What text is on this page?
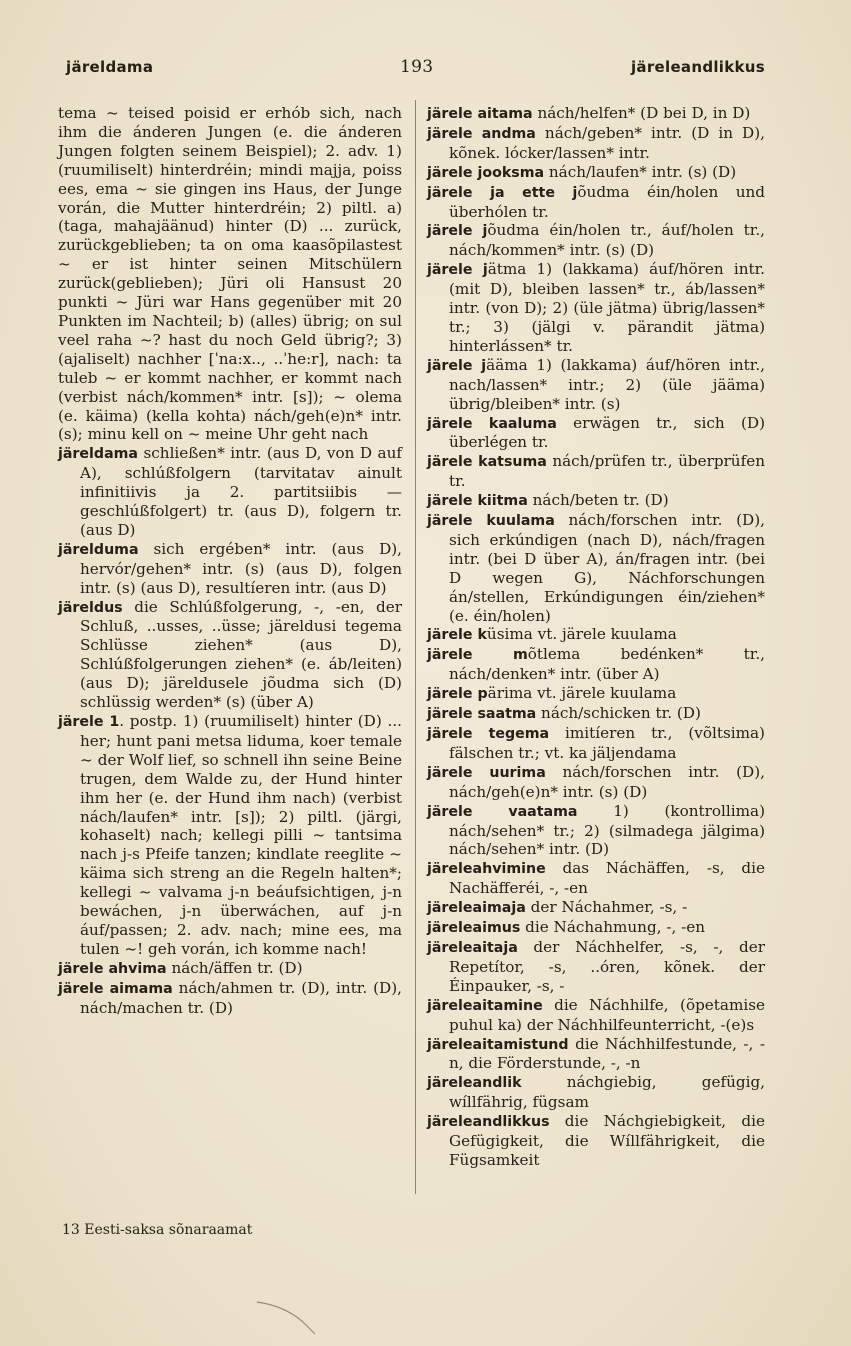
järeldama	193	järeleandlikkus

tema ~ teised poisid er erhób sich, nach ihm die ánderen Jungen (e. die ánderen Jungen folgten seinem Beispiel); 2. adv. 1) (ruumiliselt) hinterdréin; mindi majja, poiss ees, ema ~ sie gingen ins Haus, der Junge vorán, die Mutter hinterdréin; 2) piltl. a) (taga, mahajäänud) hinter (D) ... zurück, zurückgeblieben; ta on oma kaasõpilastest ~ er ist hinter seinen Mitschülern zurück(geblieben); Jüri oli Hansust 20 punkti ~ Jüri war Hans gegenüber mit 20 Punkten im Nachteil; b) (alles) übrig; on sul veel raha ~? hast du noch Geld übrig?; 3) (ajaliselt) nachher [ˈna:x.., ..ˈhe:r], nach: ta tuleb ~ er kommt nachher, er kommt nach (verbist nách/kommen* intr. [s]); ~ olema (e. käima) (kella kohta) nách/geh(e)n* intr. (s); minu kell on ~ meine Uhr geht nach

järeldama schließen* intr. (aus D, von D auf A), schlúßfolgern (tarvitatav ainult infinitiivis ja 2. partitsiibis — geschlúßfolgert) tr. (aus D), folgern tr. (aus D)

järelduma sich ergében* intr. (aus D), hervór/gehen* intr. (s) (aus D), folgen intr. (s) (aus D), resultíeren intr. (aus D)

järeldus die Schlúßfolgerung, -, -en, der Schluß, ..usses, ..üsse; järeldusi tegema Schlüsse ziehen* (aus D), Schlúßfolgerungen ziehen* (e. áb/leiten) (aus D); järeldusele jõudma sich (D) schlüssig werden* (s) (über A)

järele 1. postp. 1) (ruumiliselt) hinter (D) ... her; hunt pani metsa liduma, koer temale ~ der Wolf lief, so schnell ihn seine Beine trugen, dem Walde zu, der Hund hinter ihm her (e. der Hund ihm nach) (verbist nách/laufen* intr. [s]); 2) piltl. (järgi, kohaselt) nach; kellegi pilli ~ tantsima nach j-s Pfeife tanzen; kindlate reeglite ~ käima sich streng an die Regeln halten*; kellegi ~ valvama j-n beáufsichtigen, j-n bewáchen, j-n überwáchen, auf j-n áuf/passen; 2. adv. nach; mine ees, ma tulen ~! geh vorán, ich komme nach!

järele ahvima nách/äffen tr. (D)

järele aimama nách/ahmen tr. (D), intr. (D), nách/machen tr. (D)

järele aitama nách/helfen* (D bei D, in D)

järele andma nách/geben* intr. (D in D), kõnek. lócker/lassen* intr.

järele jooksma nách/laufen* intr. (s) (D)

järele ja ette jõudma éin/holen und überhólen tr.

järele jõudma éin/holen tr., áuf/holen tr., nách/kommen* intr. (s) (D)

järele jätma 1) (lakkama) áuf/hören intr. (mit D), bleiben lassen* tr., áb/lassen* intr. (von D); 2) (üle jätma) übrig/lassen* tr.; 3) (jälgi v. pärandit jätma) hinterlássen* tr.

järele jääma 1) (lakkama) áuf/hören intr., nach/lassen* intr.; 2) (üle jääma) übrig/bleiben* intr. (s)

järele kaaluma erwägen tr., sich (D) überlégen tr.

järele katsuma nách/prüfen tr., überprüfen tr.

järele kiitma nách/beten tr. (D)

järele kuulama nách/forschen intr. (D), sich erkúndigen (nach D), nách/fragen intr. (bei D über A), án/fragen intr. (bei D wegen G), Náchforschungen án/stellen, Erkúndigungen éin/ziehen* (e. éin/holen)

järele küsima vt. järele kuulama

järele mõtlema bedénken* tr., nách/denken* intr. (über A)

järele pärima vt. järele kuulama

järele saatma nách/schicken tr. (D)

järele tegema imitíeren tr., (võltsima) fälschen tr.; vt. ka jäljendama

järele uurima nách/forschen intr. (D), nách/geh(e)n* intr. (s) (D)

järele vaatama 1) (kontrollima) nách/sehen* tr.; 2) (silmadega jälgima) nách/sehen* intr. (D)

järeleahvimine das Náchäffen, -s, die Nachäfferéi, -, -en

järeleaimaja der Náchahmer, -s, -

järeleaimus die Náchahmung, -, -en

järeleaitaja der Náchhelfer, -s, -, der Repetítor, -s, ..óren, kõnek. der Éinpauker, -s, -

järeleaitamine die Náchhilfe, (õpetamise puhul ka) der Náchhilfeunterricht, -(e)s

järeleaitamistund die Náchhilfestunde, -, -n, die Förderstunde, -, -n

järeleandlik náchgiebig, gefügig, wíllfährig, fügsam

järeleandlikkus die Náchgiebigkeit, die Gefügigkeit, die Wíllfährigkeit, die Fügsamkeit

13 Eesti-saksa sõnaraamat
